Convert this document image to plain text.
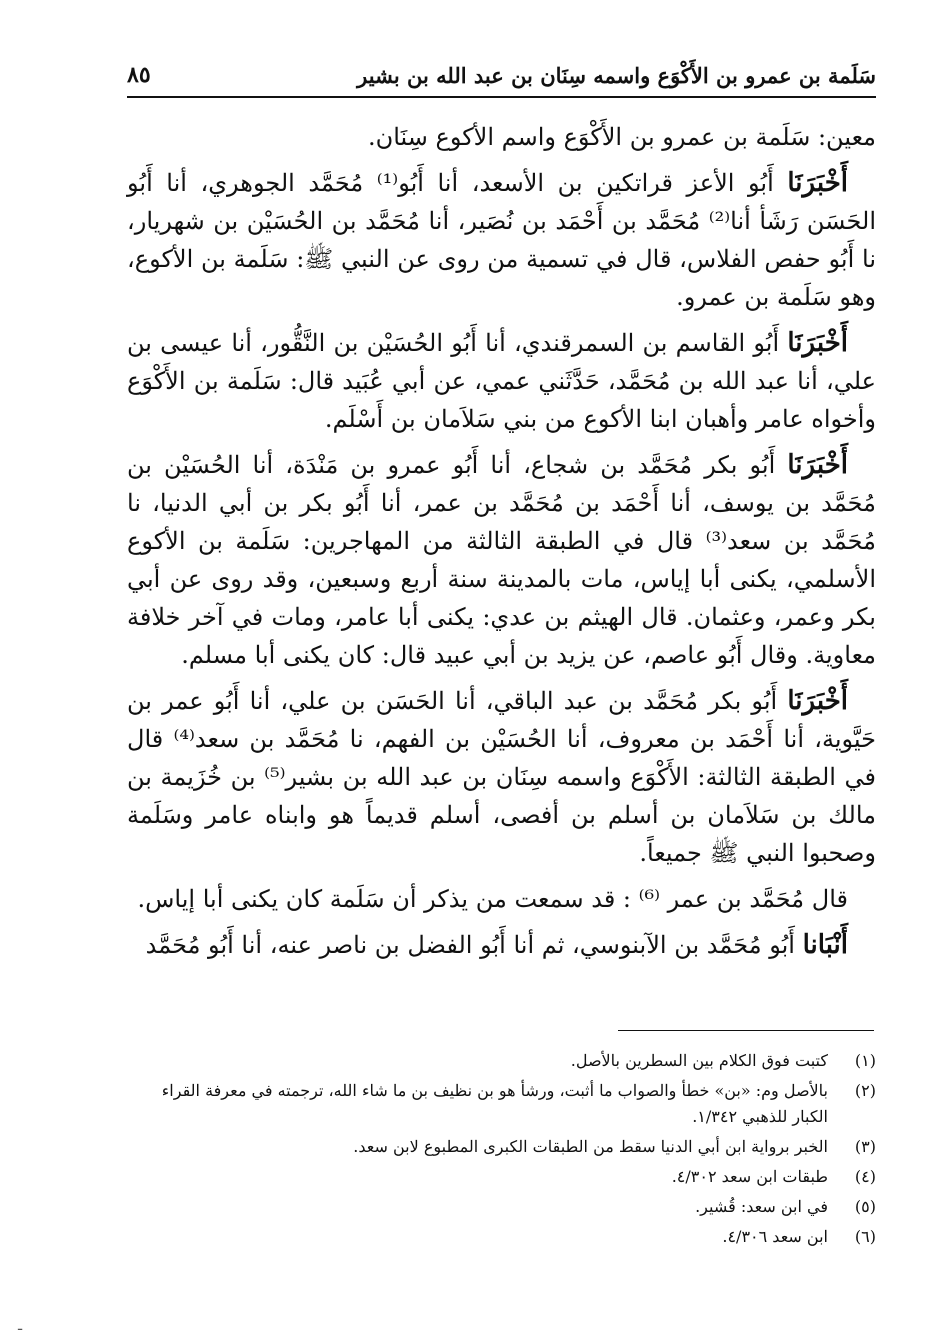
سَلَمة بن عمرو بن الأَكْوَع واسمه سِنَان بن عبد الله بن بشير
٨٥

معين: سَلَمة بن عمرو بن الأَكْوَع واسم الأكوع سِنَان.

أَخْبَرَنَا أَبُو الأعز قراتكين بن الأسعد، أنا أَبُو⁽¹⁾ مُحَمَّد الجوهري، أنا أَبُو الحَسَن رَشَأ أنا⁽²⁾ مُحَمَّد بن أَحْمَد بن نُصَير، أنا مُحَمَّد بن الحُسَيْن بن شهريار، نا أَبُو حفص الفلاس، قال في تسمية من روى عن النبي ﷺ: سَلَمة بن الأكوع، وهو سَلَمة بن عمرو.

أَخْبَرَنَا أَبُو القاسم بن السمرقندي، أنا أَبُو الحُسَيْن بن النَّقُّور، أنا عيسى بن علي، أنا عبد الله بن مُحَمَّد، حَدَّثَني عمي، عن أبي عُبَيد قال: سَلَمة بن الأَكْوَع وأخواه عامر وأهبان ابنا الأكوع من بني سَلاَمان بن أَسْلَم.

أَخْبَرَنَا أَبُو بكر مُحَمَّد بن شجاع، أنا أَبُو عمرو بن مَنْدَة، أنا الحُسَيْن بن مُحَمَّد بن يوسف، أنا أَحْمَد بن مُحَمَّد بن عمر، أنا أَبُو بكر بن أبي الدنيا، نا مُحَمَّد بن سعد⁽³⁾ قال في الطبقة الثالثة من المهاجرين: سَلَمة بن الأكوع الأسلمي، يكنى أبا إياس، مات بالمدينة سنة أربع وسبعين، وقد روى عن أبي بكر وعمر، وعثمان. قال الهيثم بن عدي: يكنى أبا عامر، ومات في آخر خلافة معاوية. وقال أَبُو عاصم، عن يزيد بن أبي عبيد قال: كان يكنى أبا مسلم.

أَخْبَرَنَا أَبُو بكر مُحَمَّد بن عبد الباقي، أنا الحَسَن بن علي، أنا أَبُو عمر بن حَيَّوية، أنا أَحْمَد بن معروف، أنا الحُسَيْن بن الفهم، نا مُحَمَّد بن سعد⁽⁴⁾ قال في الطبقة الثالثة: الأَكْوَع واسمه سِنَان بن عبد الله بن بشير⁽⁵⁾ بن خُزَيمة بن مالك بن سَلاَمان بن أسلم بن أفصى، أسلم قديماً هو وابناه عامر وسَلَمة وصحبوا النبي ﷺ جميعاً.

قال مُحَمَّد بن عمر ⁽⁶⁾ : قد سمعت من يذكر أن سَلَمة كان يكنى أبا إياس.

أَنْبَانا أَبُو مُحَمَّد بن الآبنوسي، ثم أنا أَبُو الفضل بن ناصر عنه، أنا أَبُو مُحَمَّد

(١)
كتبت فوق الكلام بين السطرين بالأصل.
(٢)
بالأصل وم: «بن» خطأ والصواب ما أثبت، ورشأ هو بن نظيف بن ما شاء الله، ترجمته في معرفة القراء الكبار للذهبي ١/٣٤٢.
(٣)
الخبر برواية ابن أبي الدنيا سقط من الطبقات الكبرى المطبوع لابن سعد.
(٤)
طبقات ابن سعد ٤/٣٠٢.
(٥)
في ابن سعد: قُشير.
(٦)
ابن سعد ٤/٣٠٦.
ـ
